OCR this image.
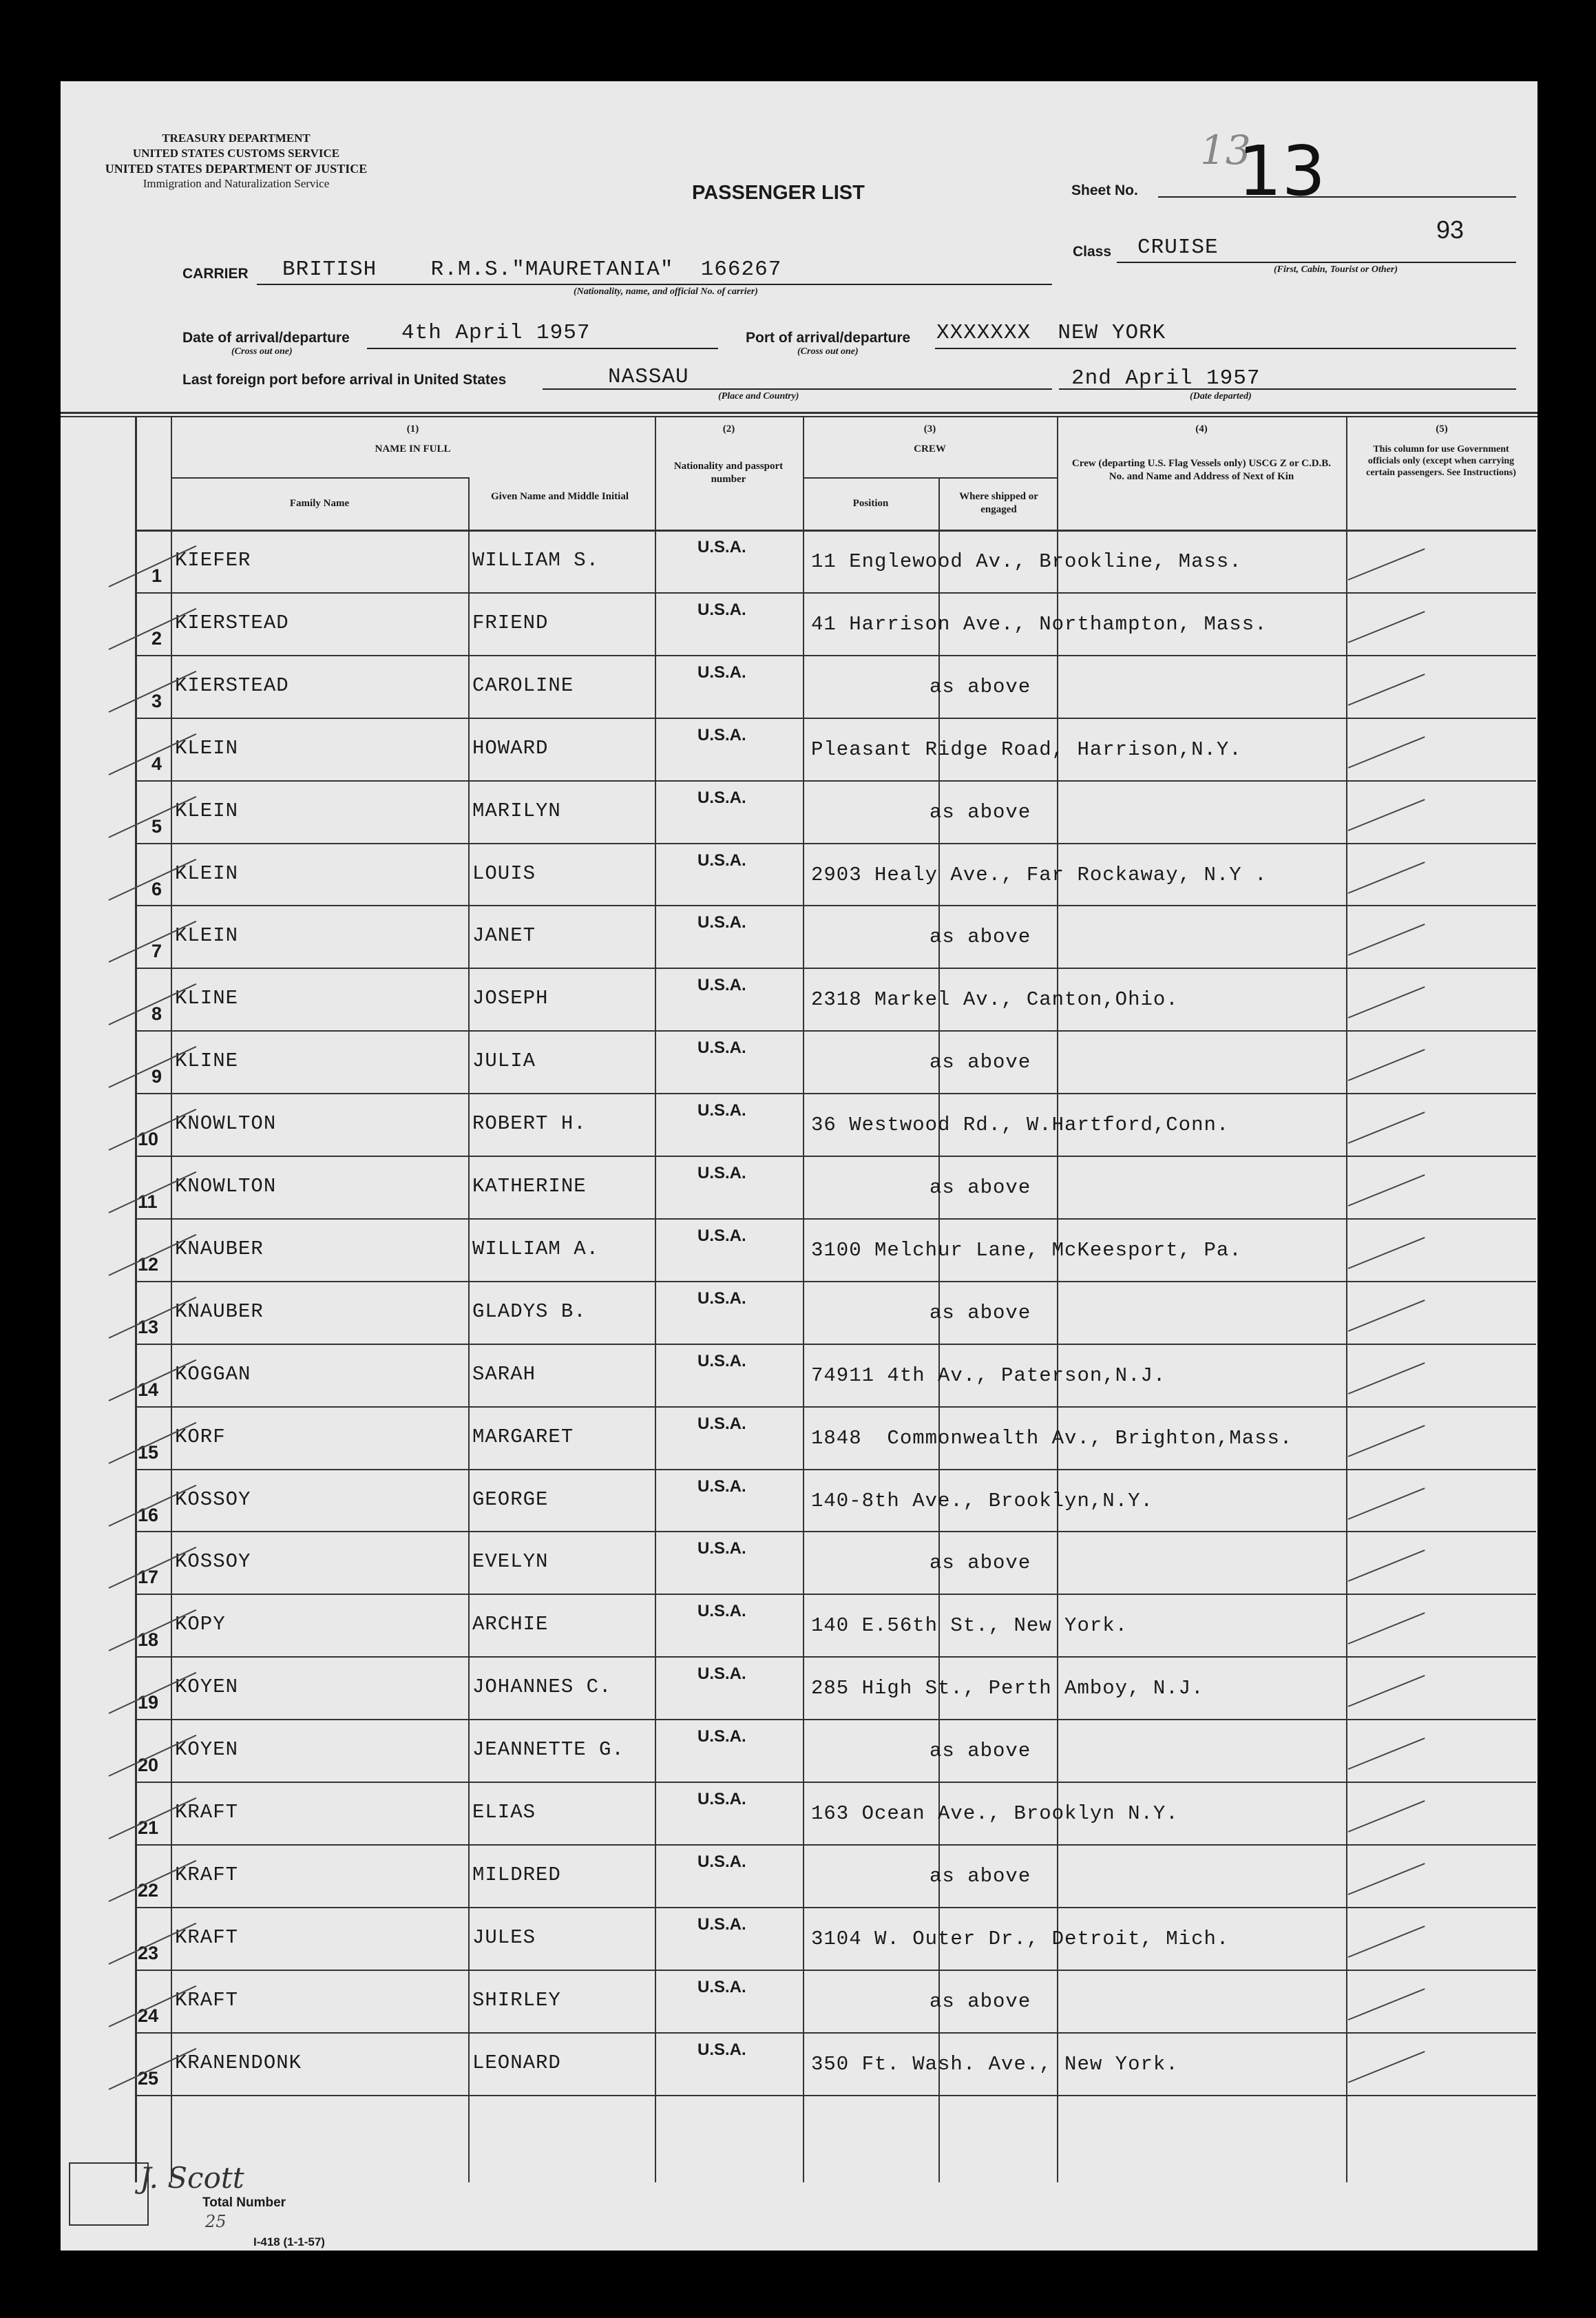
TREASURY DEPARTMENT
UNITED STATES CUSTOMS SERVICE
UNITED STATES DEPARTMENT OF JUSTICE
Immigration and Naturalization Service	PASSENGER LIST	Sheet No.
13
13
93
Class CRUISE
(First, Cabin, Tourist or Other)
CARRIER BRITISH    R.M.S."MAURETANIA"  166267
(Nationality, name, and official No. of carrier)
Date of arrival/departure
(Cross out one)
4th April 1957	Port of arrival/departure
(Cross out one)
XXXXXXX  NEW YORK
Last foreign port before arrival in United States	NASSAU
(Place and Country)
2nd April 1957
(Date departed)
(1)
NAME IN FULL
Family Name
Given Name and Middle Initial
(2)
Nationality and passport number
(3)
CREW
Position
Where shipped or engaged
(4)
Crew (departing U.S. Flag Vessels only) USCG Z or C.D.B. No. and Name and Address of Next of Kin
(5)
This column for use Government officials only (except when carrying certain passengers. See Instructions)
1
KIEFER	WILLIAM S.
U.S.A.
11 Englewood Av., Brookline, Mass.
2
KIERSTEAD	FRIEND
U.S.A.
41 Harrison Ave., Northampton, Mass.
3
KIERSTEAD	CAROLINE
U.S.A.
as above
4
KLEIN	HOWARD
U.S.A.
Pleasant Ridge Road, Harrison,N.Y.
5
KLEIN	MARILYN
U.S.A.
as above
6
KLEIN	LOUIS
U.S.A.
2903 Healy Ave., Far Rockaway, N.Y .
7
KLEIN	JANET
U.S.A.
as above
8
KLINE	JOSEPH
U.S.A.
2318 Markel Av., Canton,Ohio.
9
KLINE	JULIA
U.S.A.
as above
10
KNOWLTON	ROBERT H.
U.S.A.
36 Westwood Rd., W.Hartford,Conn.
11
KNOWLTON	KATHERINE
U.S.A.
as above
12
KNAUBER	WILLIAM A.
U.S.A.
3100 Melchur Lane, McKeesport, Pa.
13
KNAUBER	GLADYS B.
U.S.A.
as above
14
KOGGAN	SARAH
U.S.A.
74911 4th Av., Paterson,N.J.
15
KORF	MARGARET
U.S.A.
1848  Commonwealth Av., Brighton,Mass.
16
KOSSOY	GEORGE
U.S.A.
140-8th Ave., Brooklyn,N.Y.
17
KOSSOY	EVELYN
U.S.A.
as above
18
KOPY	ARCHIE
U.S.A.
140 E.56th St., New York.
19
KOYEN	JOHANNES C.
U.S.A.
285 High St., Perth Amboy, N.J.
20
KOYEN	JEANNETTE G.
U.S.A.
as above
21
KRAFT	ELIAS
U.S.A.
163 Ocean Ave., Brooklyn N.Y.
22
KRAFT	MILDRED
U.S.A.
as above
23
KRAFT	JULES
U.S.A.
3104 W. Outer Dr., Detroit, Mich.
24
KRAFT	SHIRLEY
U.S.A.
as above
25
KRANENDONK	LEONARD
U.S.A.
350 Ft. Wash. Ave., New York.
J. Scott
Total Number
25
I-418 (1-1-57)
